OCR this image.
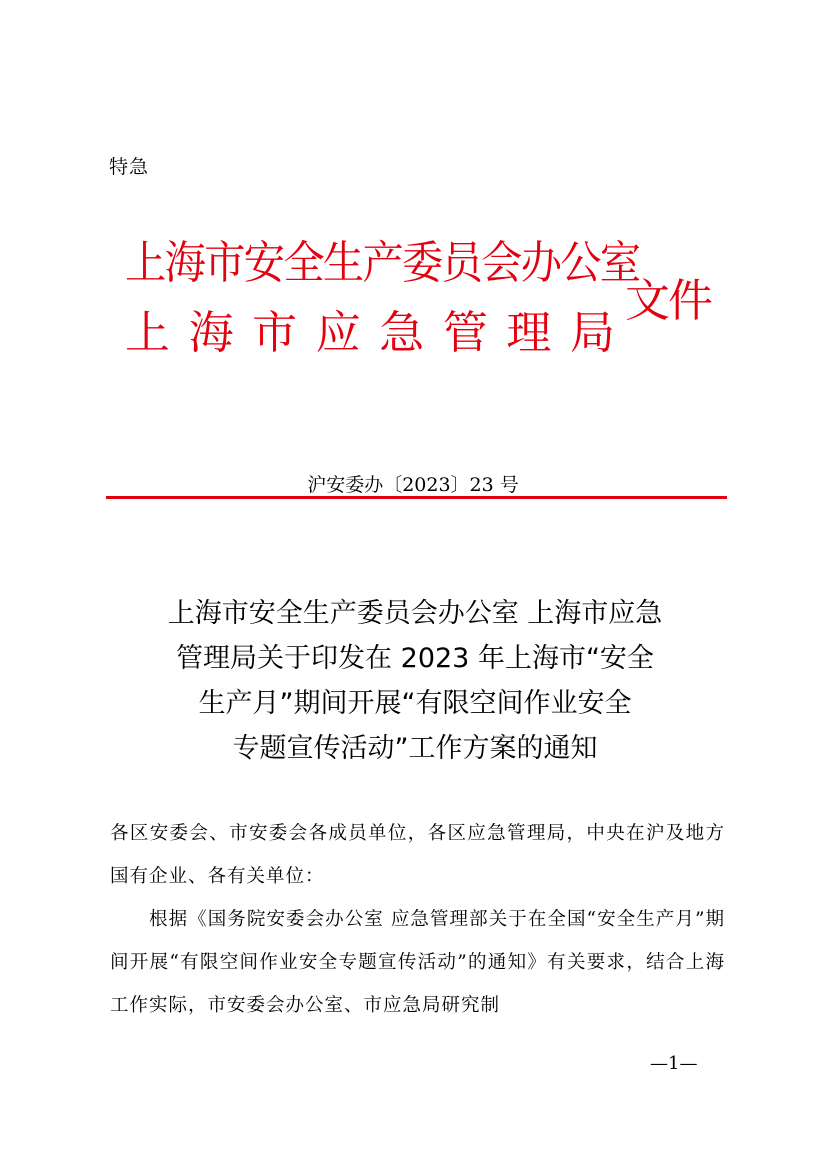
特急
上海市安全生产委员会办公室
上 海 市 应 急 管 理 局
文件
沪安委办〔2023〕23 号
上海市安全生产委员会办公室 上海市应急
管理局关于印发在 2023 年上海市“安全
生产月”期间开展“有限空间作业安全
专题宣传活动”工作方案的通知

各区安委会、市安委会各成员单位，各区应急管理局，中央在沪及地方国有企业、各有关单位：

根据《国务院安委会办公室 应急管理部关于在全国“安全生产月”期间开展“有限空间作业安全专题宣传活动”的通知》有关要求，结合上海工作实际，市安委会办公室、市应急局研究制

—1—
